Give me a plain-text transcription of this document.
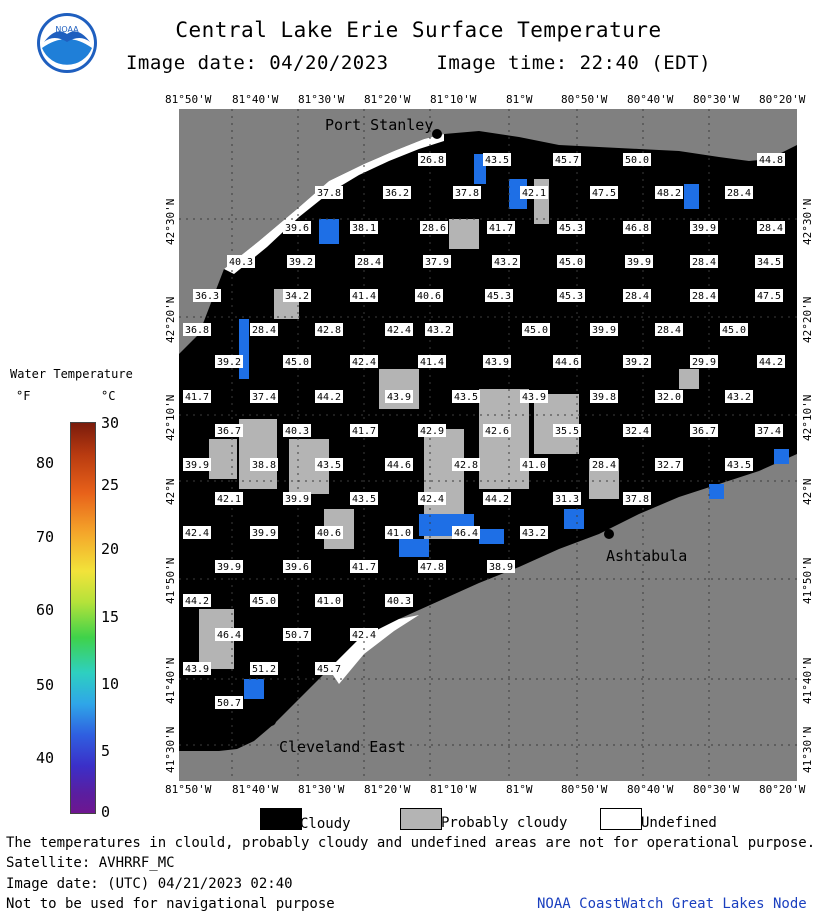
NOAA	Central Lake Erie Surface Temperature
Image date: 04/20/2023	Image time: 22:40 (EDT)
81°50'W 81°40'W 81°30'W 81°20'W 81°10'W	81°W	80°50'W 80°40'W 80°30'W 80°20'W
81°50'W 81°40'W 81°30'W 81°20'W 81°10'W	81°W	80°50'W 80°40'W 80°30'W 80°20'W
42°30'N
42°20'N
42°10'N
42°N
41°50'N
41°40'N
41°30'N
42°30'N
42°20'N
42°10'N
42°N
41°50'N
41°40'N
41°30'N
26.8	43.5	45.7	50.0	44.8
37.8	36.2	37.8	42.1	47.5	48.2	28.4
39.6	38.1	28.6	41.7	45.3	46.8	39.9	28.4
40.3	39.2	28.4	37.9	43.2	45.0	39.9	28.4	34.5
36.3	34.2	41.4	40.6	45.3	45.3	28.4	28.4	47.5
36.8	28.4	42.8	42.4 43.2	45.0	39.9	28.4	45.0
39.2	45.0	42.4	41.4	43.9	44.6	39.2	29.9	44.2
41.7	37.4	44.2	43.9	43.5	43.9	39.8	32.0	43.2
36.7	40.3	41.7	42.9	42.6	35.5	32.4	36.7	37.4
39.9	38.8	43.5	44.6	42.8	41.0	28.4	32.7	43.5
42.1	39.9	43.5	42.4	44.2	31.3	37.8
42.4	39.9	40.6	41.0	46.4	43.2
39.9	39.6	41.7	47.8	38.9
44.2	45.0	41.0	40.3
46.4	50.7	42.4
43.9	51.2	45.7
50.7
Port Stanley
Ashtabula
Cleveland East
Water Temperature
°F	°C
80
70
60
50
40
30
25
20
15
10
5
0
Cloudy	Probably cloudy	Undefined
The temperatures in clould, probably cloudy and undefined areas are not for operational purpose.
Satellite: AVHRRF_MC
Image date: (UTC) 04/21/2023 02:40
Not to be used for navigational purpose	NOAA CoastWatch Great Lakes Node
